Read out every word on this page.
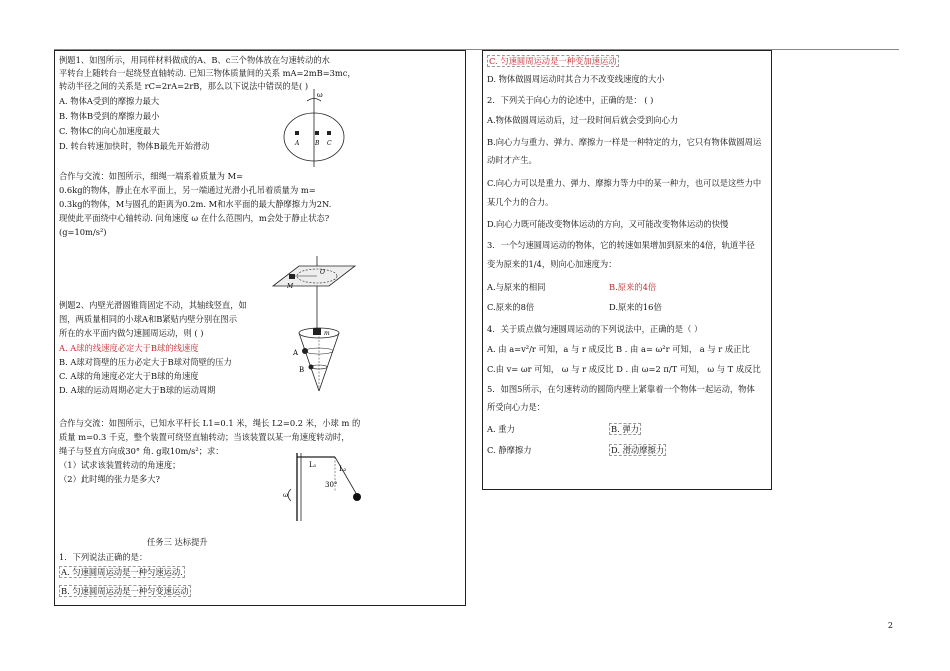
例题1、如图所示，用同样材料做成的A、B、c三个物体放在匀速转动的水
平转台上随转台一起绕竖直轴转动. 已知三物体质量间的关系 mA=2mB=3mc，
转动半径之间的关系是 rC=2rA=2rB，那么以下说法中错误的是( )
A. 物体A受到的摩擦力最大
B. 物体B受到的摩擦力最小
C. 物体C的向心加速度最大
D. 转台转速加快时，物体B最先开始滑动
ω
A	B C
合作与交流：如图所示，细绳一端系着质量为 M=
0.6kg的物体，静止在水平面上，另一端通过光滑小孔吊着质量为 m=
0.3kg的物体，M与圆孔的距离为0.2m. M和水平面的最大静摩擦力为2N.
现使此平面绕中心轴转动. 问角速度 ω 在什么范围内，m会处于静止状态?
(g=10m/s²)
O
M
m
例题2、内壁光滑圆锥筒固定不动，其轴线竖直，如
图，两质量相同的小球A和B紧贴内壁分别在图示
所在的水平面内做匀速圆周运动，则 ( )
A. A球的线速度必定大于B球的线速度
B. A球对筒壁的压力必定大于B球对筒壁的压力
C. A球的角速度必定大于B球的角速度
D. A球的运动周期必定大于B球的运动周期
A
B
合作与交流：如图所示，已知水平杆长 L1=0.1 米，绳长 L2=0.2 米，小球 m 的
质量 m=0.3 千克，整个装置可绕竖直轴转动；当该装置以某一角速度转动时，
绳子与竖直方向成30° 角. g取10m/s²；求：
（1）试求该装置转动的角速度；
（2）此时绳的张力是多大?
L₁	L₂
30°
ω
任务三 达标提升
1．下列说法正确的是：
A. 匀速圆周运动是一种匀速运动.
B. 匀速圆周运动是一种匀变速运动
C. 匀速圆周运动是一种变加速运动
D. 物体做圆周运动时其合力不改变线速度的大小
2．下列关于向心力的论述中，正确的是： ( )
A.物体做圆周运动后，过一段时间后就会受到向心力
B.向心力与重力、弹力、摩擦力一样是一种特定的力，它只有物体做圆周运
动时才产生。
C.向心力可以是重力、弹力、摩擦力等力中的某一种力，也可以是这些力中
某几个力的合力。
D.向心力既可能改变物体运动的方向，又可能改变物体运动的快慢
3．一个匀速圆周运动的物体，它的转速如果增加到原来的4倍，轨道半径
变为原来的1/4，则向心加速度为：
A.与原来的相同	B.原来的4倍
C.原来的8倍	D.原来的16倍
4．关于质点做匀速圆周运动的下列说法中，正确的是（ ）
A. 由 a=v²/r 可知，a 与 r 成反比 B . 由 a= ω²r 可知， a 与 r 成正比
C.由 v= ωr 可知， ω 与 r 成反比 D . 由 ω=2 π/T 可知， ω 与 T 成反比
5．如图5所示，在匀速转动的圆筒内壁上紧靠着一个物体一起运动，物体
所受向心力是：
A. 重力	B. 弹力
C. 静摩擦力	D. 滑动摩擦力
2
